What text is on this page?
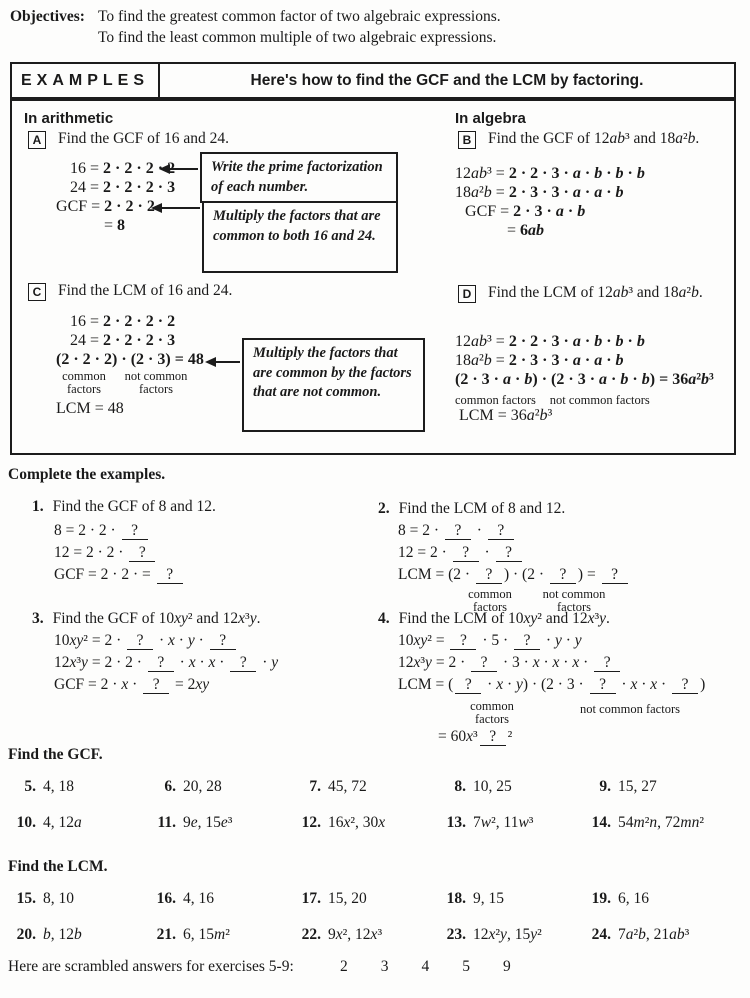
Objectives: To find the greatest common factor of two algebraic expressions.
To find the least common multiple of two algebraic expressions.
EXAMPLES	Here's how to find the GCF and the LCM by factoring.
In arithmetic	In algebra
A	Find the GCF of 16 and 24.
16 = 2 · 2 · 2 · 2
24 = 2 · 2 · 2 · 3
GCF = 2 · 2 · 2
= 8
Write the prime factorization of each number.
Multiply the factors that are common to both 16 and 24.
B	Find the GCF of 12ab³ and 18a²b.
12ab³ = 2 · 2 · 3 · a · b · b · b
18a²b = 2 · 3 · 3 · a · a · b
GCF = 2 · 3 · a · b
= 6ab
C	Find the LCM of 16 and 24.
16 = 2 · 2 · 2 · 2
24 = 2 · 2 · 2 · 3
(2 · 2 · 2) · (2 · 3) = 48
common
factors
not common
factors
LCM = 48
Multiply the factors that are common by the factors that are not common.
D	Find the LCM of 12ab³ and 18a²b.
12ab³ = 2 · 2 · 3 · a · b · b · b
18a²b = 2 · 3 · 3 · a · a · b
(2 · 3 · a · b) · (2 · 3 · a · b · b) = 36a²b³
common factors not common factors
LCM = 36a²b³
Complete the examples.
1. Find the GCF of 8 and 12.
8 = 2 · 2 · ?
12 = 2 · 2 · ?
GCF = 2 · 2 · = ?
2. Find the LCM of 8 and 12.
8 = 2 · ? · ?
12 = 2 · ? · ?
LCM = (2 · ? ) · (2 · ? ) = ?
common
factors
not common
factors
3. Find the GCF of 10xy² and 12x³y.
10xy² = 2 · ? · x · y · ?
12x³y = 2 · 2 · ? · x · x · ? · y
GCF = 2 · x · ? = 2xy
4. Find the LCM of 10xy² and 12x³y.
10xy² = ? · 5 · ? · y · y
12x³y = 2 · ? · 3 · x · x · x · ?
LCM = ( ? · x · y) · (2 · 3 · ? · x · x · ? )
common
factors
not common factors
= 60x³ ? ²
Find the GCF.
5. 4, 18	6. 20, 28	7. 45, 72	8. 10, 25	9. 15, 27
10. 4, 12a	11. 9e, 15e³	12. 16x², 30x	13. 7w², 11w³	14. 54m²n, 72mn²
Find the LCM.
15. 8, 10	16. 4, 16	17. 15, 20	18. 9, 15	19. 6, 16
20. b, 12b	21. 6, 15m²	22. 9x², 12x³	23. 12x²y, 15y²	24. 7a²b, 21ab³
Here are scrambled answers for exercises 5-9:	2 3 4 5 9
